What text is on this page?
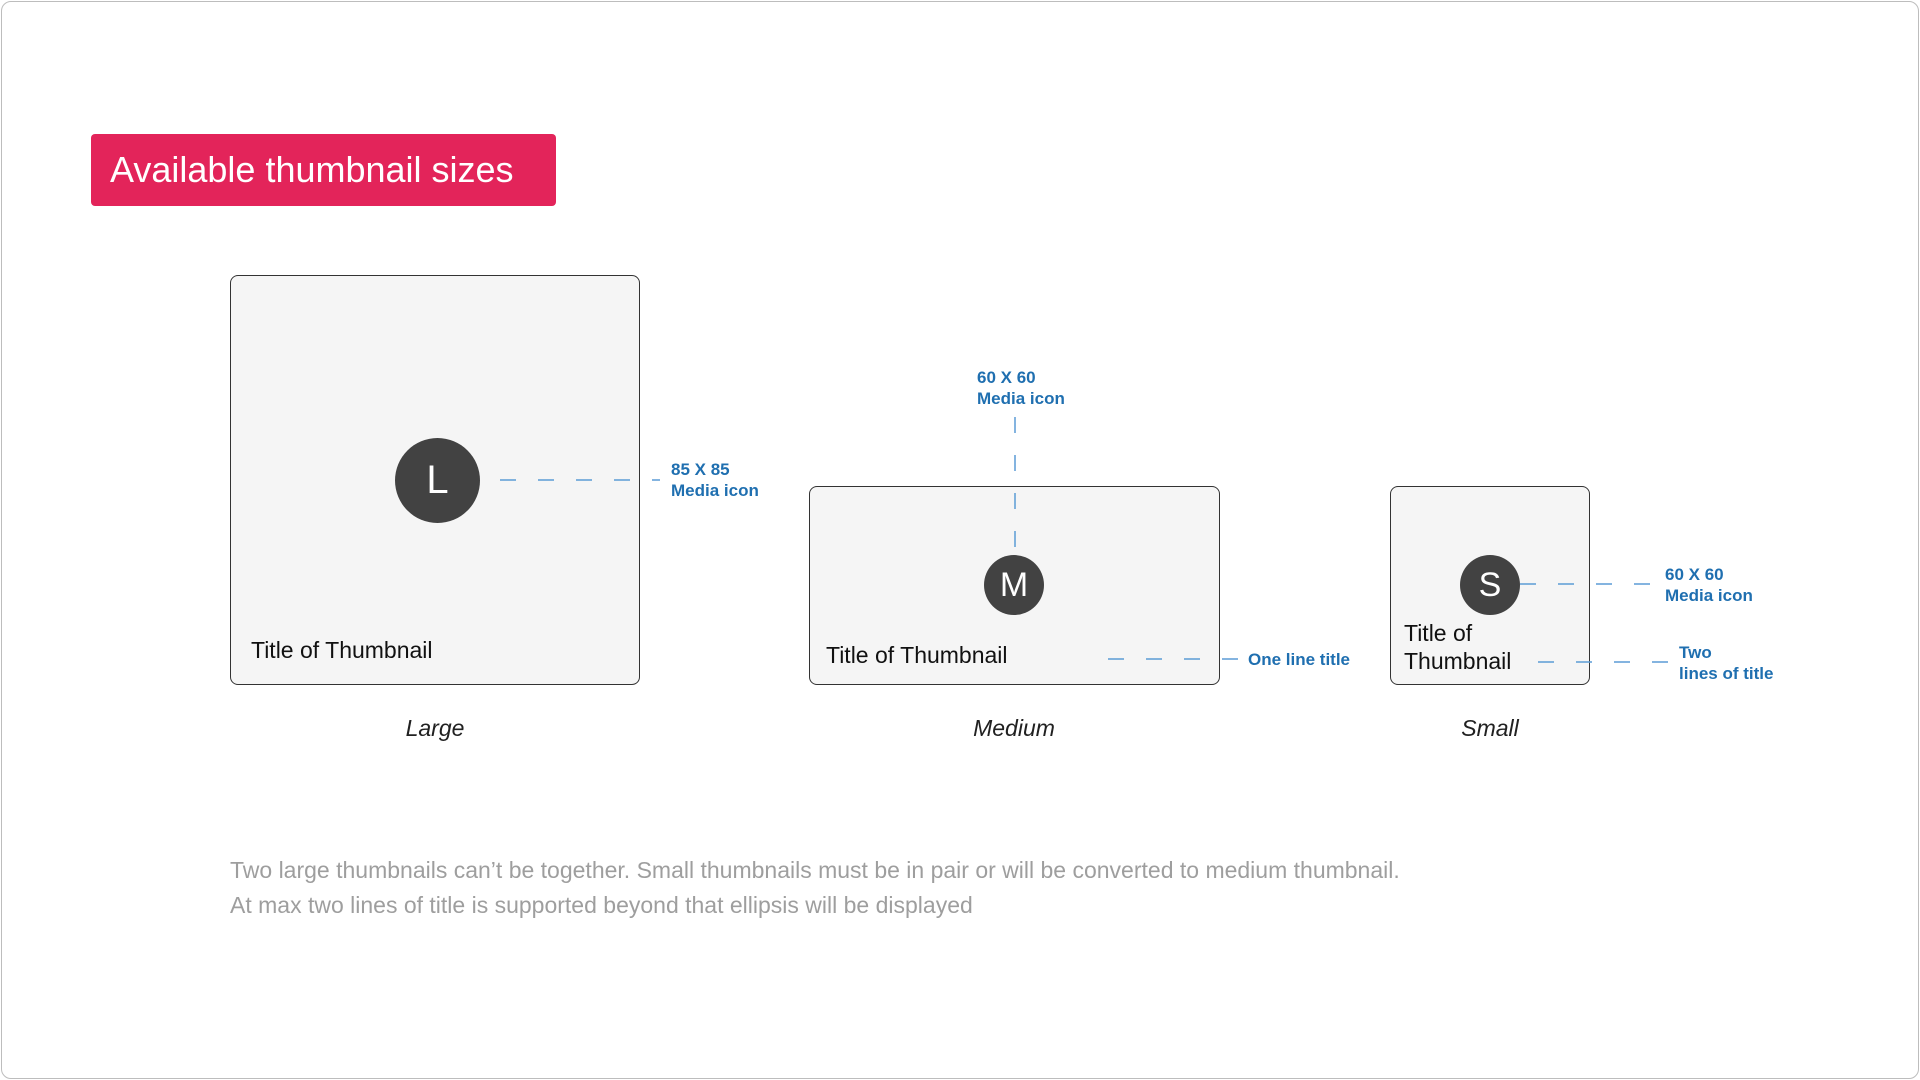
Available thumbnail sizes
L
Title of Thumbnail
Large
M
Title of Thumbnail
Medium
S
Title of Thumbnail
Small
85 X 85
Media icon
60 X 60
Media icon
One line title
60 X 60
Media icon
Two
lines of title
Two large thumbnails can’t be together. Small thumbnails must be in pair or will be converted to medium thumbnail.
At max two lines of title is supported beyond that ellipsis will be displayed
